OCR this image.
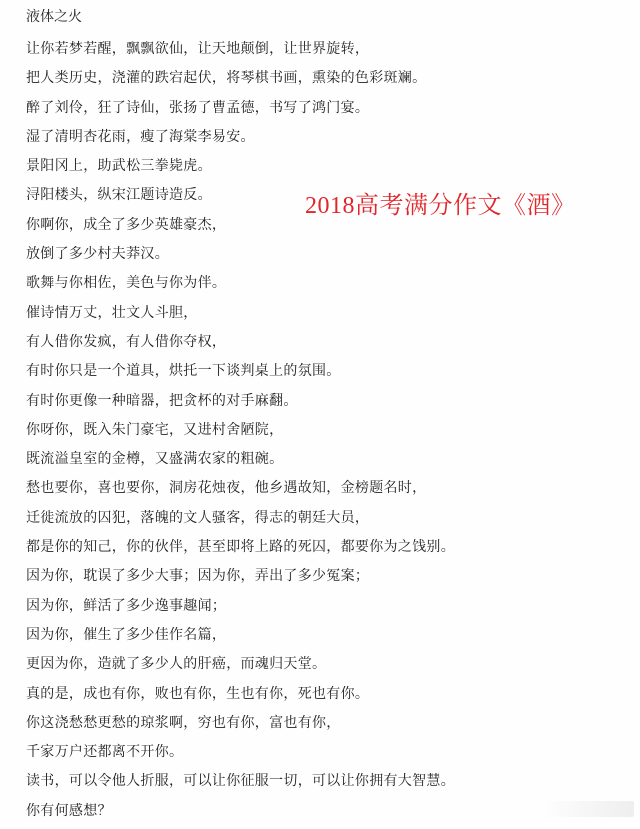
液体之火
让你若梦若醒，飘飘欲仙，让天地颠倒，让世界旋转，
把人类历史，浇灌的跌宕起伏，将琴棋书画，熏染的色彩斑斓。
醉了刘伶，狂了诗仙，张扬了曹孟德，书写了鸿门宴。
湿了清明杏花雨，瘦了海棠李易安。
景阳冈上，助武松三拳毙虎。
浔阳楼头，纵宋江题诗造反。
你啊你，成全了多少英雄豪杰，
放倒了多少村夫莽汉。
歌舞与你相佐，美色与你为伴。
催诗情万丈，壮文人斗胆，
有人借你发疯，有人借你夺权，
有时你只是一个道具，烘托一下谈判桌上的氛围。
有时你更像一种暗器，把贪杯的对手麻翻。
你呀你，既入朱门豪宅，又进村舍陋院，
既流溢皇室的金樽，又盛满农家的粗碗。
愁也要你，喜也要你，洞房花烛夜，他乡遇故知，金榜题名时，
迁徙流放的囚犯，落魄的文人骚客，得志的朝廷大员，
都是你的知己，你的伙伴，甚至即将上路的死囚，都要你为之饯别。
因为你，耽误了多少大事；因为你，弄出了多少冤案；
因为你，鲜活了多少逸事趣闻；
因为你，催生了多少佳作名篇，
更因为你，造就了多少人的肝癌，而魂归天堂。
真的是，成也有你，败也有你，生也有你，死也有你。
你这浇愁愁更愁的琼浆啊，穷也有你，富也有你，
千家万户还都离不开你。
读书，可以令他人折服，可以让你征服一切，可以让你拥有大智慧。
你有何感想？
2018高考满分作文《酒》
